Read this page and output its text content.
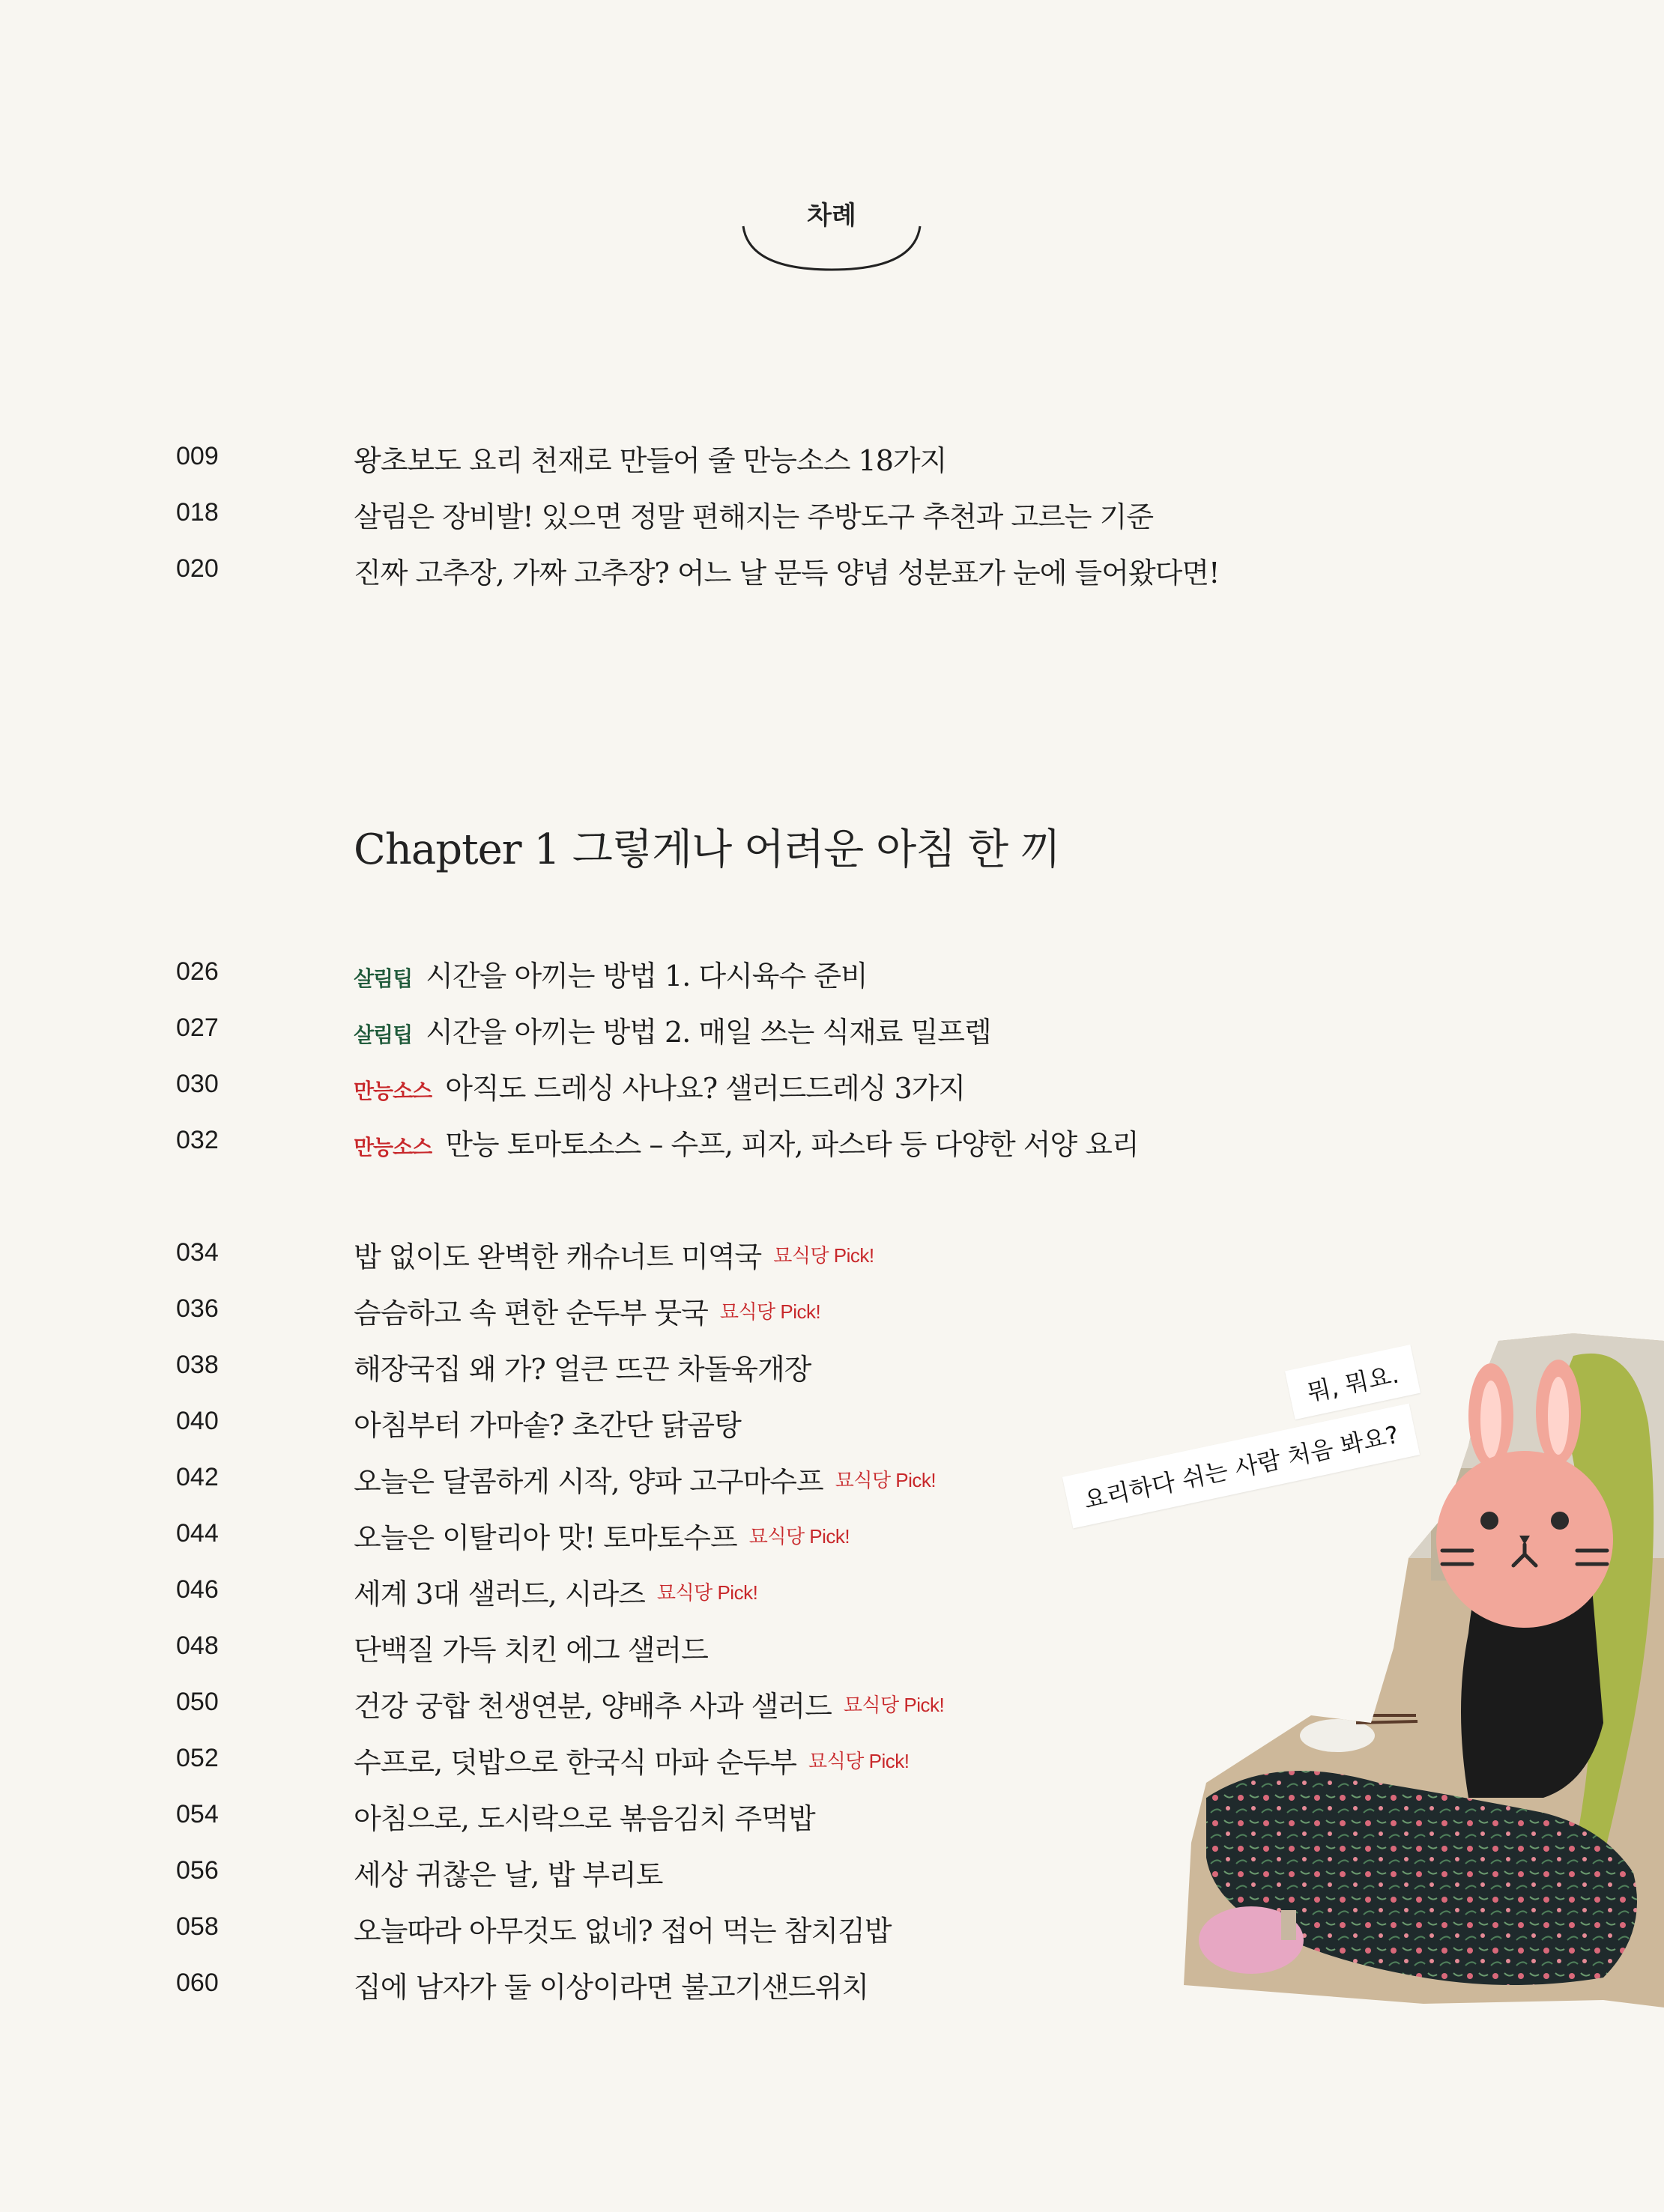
차례
009	왕초보도 요리 천재로 만들어 줄 만능소스 18가지
018	살림은 장비발! 있으면 정말 편해지는 주방도구 추천과 고르는 기준
020	진짜 고추장, 가짜 고추장? 어느 날 문득 양념 성분표가 눈에 들어왔다면!
Chapter 1 그렇게나 어려운 아침 한 끼
026	살림팁 시간을 아끼는 방법 1. 다시육수 준비
027	살림팁 시간을 아끼는 방법 2. 매일 쓰는 식재료 밀프렙
030	만능소스 아직도 드레싱 사나요? 샐러드드레싱 3가지
032	만능소스 만능 토마토소스 – 수프, 피자, 파스타 등 다양한 서양 요리
034	밥 없이도 완벽한 캐슈너트 미역국 묘식당 Pick!
036	슴슴하고 속 편한 순두부 뭇국 묘식당 Pick!
038	해장국집 왜 가? 얼큰 뜨끈 차돌육개장
040	아침부터 가마솥? 초간단 닭곰탕
042	오늘은 달콤하게 시작, 양파 고구마수프 묘식당 Pick!
044	오늘은 이탈리아 맛! 토마토수프 묘식당 Pick!
046	세계 3대 샐러드, 시라즈 묘식당 Pick!
048	단백질 가득 치킨 에그 샐러드
050	건강 궁합 천생연분, 양배추 사과 샐러드 묘식당 Pick!
052	수프로, 덧밥으로 한국식 마파 순두부 묘식당 Pick!
054	아침으로, 도시락으로 볶음김치 주먹밥
056	세상 귀찮은 날, 밥 부리토
058	오늘따라 아무것도 없네? 접어 먹는 참치김밥
060	집에 남자가 둘 이상이라면 불고기샌드위치
뭐, 뭐요.
요리하다 쉬는 사람 처음 봐요?
